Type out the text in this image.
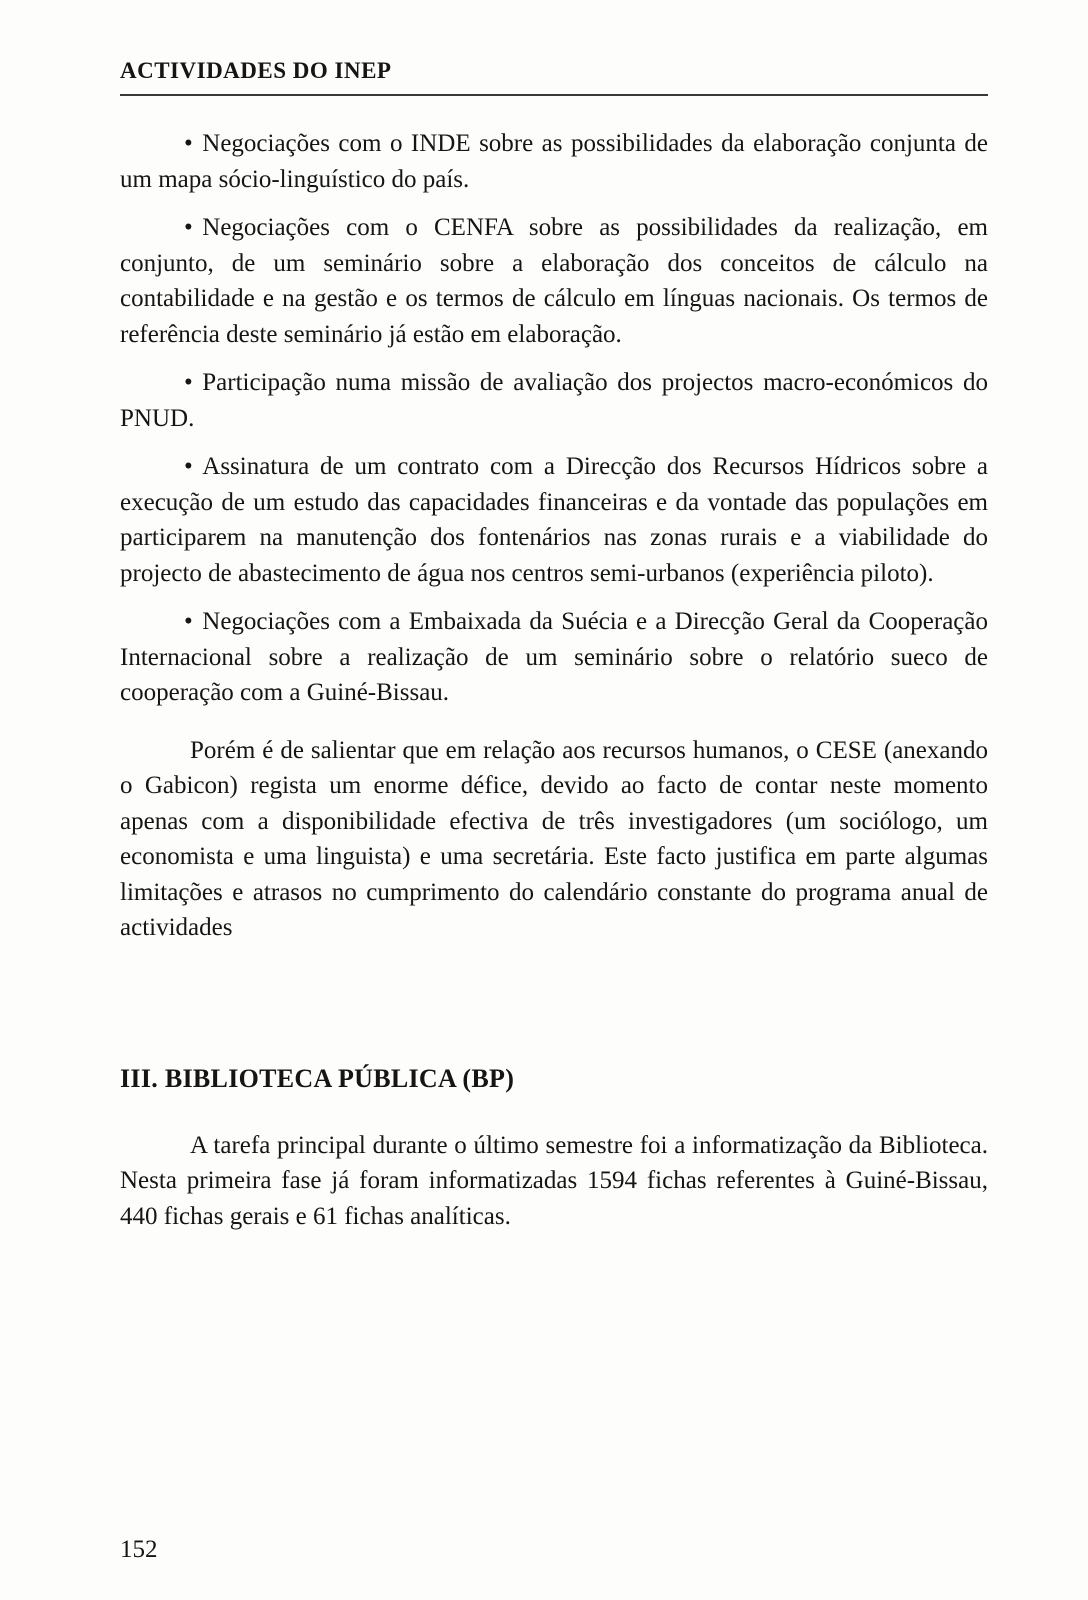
ACTIVIDADES DO INEP

• Negociações com o INDE sobre as possibilidades da elaboração conjunta de um mapa sócio-linguístico do país.

• Negociações com o CENFA sobre as possibilidades da realização, em conjunto, de um seminário sobre a elaboração dos conceitos de cálculo na contabilidade e na gestão e os termos de cálculo em línguas nacionais. Os termos de referência deste seminário já estão em elaboração.

• Participação numa missão de avaliação dos projectos macro-económicos do PNUD.

• Assinatura de um contrato com a Direcção dos Recursos Hídricos sobre a execução de um estudo das capacidades financeiras e da vontade das populações em participarem na manutenção dos fontenários nas zonas rurais e a viabilidade do projecto de abastecimento de água nos centros semi-urbanos (experiência piloto).

• Negociações com a Embaixada da Suécia e a Direcção Geral da Cooperação Internacional sobre a realização de um seminário sobre o relatório sueco de cooperação com a Guiné-Bissau.

Porém é de salientar que em relação aos recursos humanos, o CESE (anexando o Gabicon) regista um enorme défice, devido ao facto de contar neste momento apenas com a disponibilidade efectiva de três investigadores (um sociólogo, um economista e uma linguista) e uma secretária. Este facto justifica em parte algumas limitações e atrasos no cumprimento do calendário constante do programa anual de actividades

III. BIBLIOTECA PÚBLICA (BP)

A tarefa principal durante o último semestre foi a informatização da Biblioteca. Nesta primeira fase já foram informatizadas 1594 fichas referentes à Guiné-Bissau, 440 fichas gerais e 61 fichas analíticas.

152
